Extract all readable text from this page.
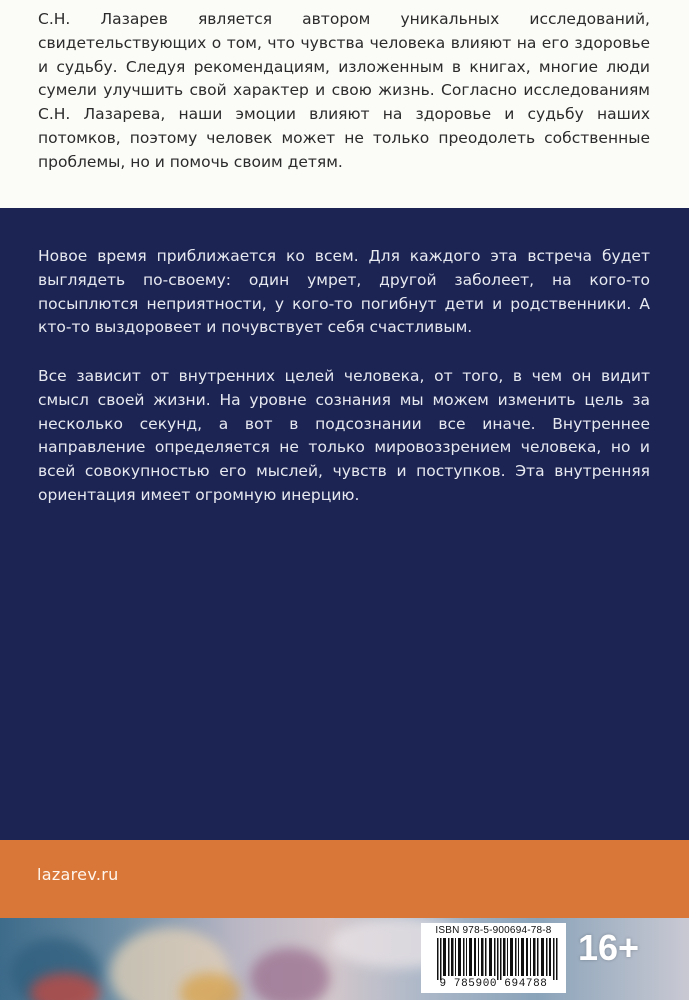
С.Н. Лазарев является автором уникальных исследований, свидетельствующих о том, что чувства человека влияют на его здоровье и судьбу. Следуя рекомендациям, изложенным в книгах, многие люди сумели улучшить свой характер и свою жизнь. Согласно исследованиям С.Н. Лазарева, наши эмоции влияют на здоровье и судьбу наших потомков, поэтому человек может не только преодолеть собственные проблемы, но и помочь своим детям.

Новое время приближается ко всем. Для каждого эта встреча будет выглядеть по-своему: один умрет, другой заболеет, на кого-то посыплются неприятности, у кого-то погибнут дети и родственники. А кто-то выздоровеет и почувствует себя счастливым.

Все зависит от внутренних целей человека, от того, в чем он видит смысл своей жизни. На уровне сознания мы можем изменить цель за несколько секунд, а вот в подсознании все иначе. Внутреннее направление определяется не только мировоззрением человека, но и всей совокупностью его мыслей, чувств и поступков. Эта внутренняя ориентация имеет огромную инерцию.

lazarev.ru
ISBN 978-5-900694-78-8
9 785900 694788
16+
